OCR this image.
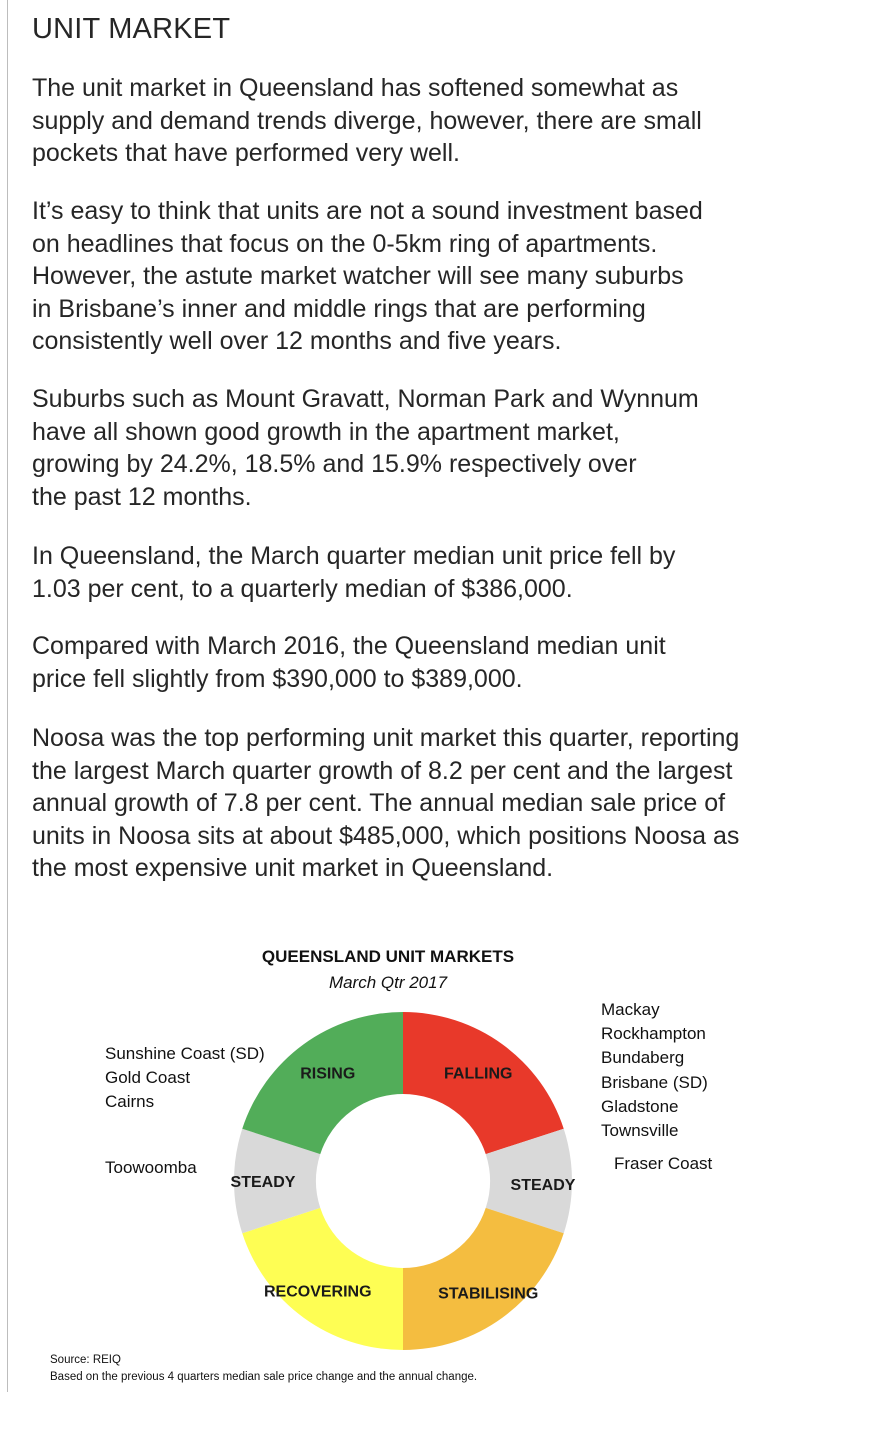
UNIT MARKET

The unit market in Queensland has softened somewhat as
supply and demand trends diverge, however, there are small
pockets that have performed very well.

It’s easy to think that units are not a sound investment based
on headlines that focus on the 0-5km ring of apartments.
However, the astute market watcher will see many suburbs
in Brisbane’s inner and middle rings that are performing
consistently well over 12 months and five years.

Suburbs such as Mount Gravatt, Norman Park and Wynnum
have all shown good growth in the apartment market,
growing by 24.2%, 18.5% and 15.9% respectively over
the past 12 months.

In Queensland, the March quarter median unit price fell by
1.03 per cent, to a quarterly median of $386,000.

Compared with March 2016, the Queensland median unit
price fell slightly from $390,000 to $389,000.

Noosa was the top performing unit market this quarter, reporting
the largest March quarter growth of 8.2 per cent and the largest
annual growth of 7.8 per cent. The annual median sale price of
units in Noosa sits at about $485,000, which positions Noosa as
the most expensive unit market in Queensland.

QUEENSLAND UNIT MARKETS
March Qtr 2017
FALLING
STEADY
STABILISING
RECOVERING
STEADY
RISING
Mackay
Rockhampton
Bundaberg
Brisbane (SD)
Gladstone
Townsville
Fraser Coast
Sunshine Coast (SD)
Gold Coast
Cairns
Toowoomba
Source: REIQ
Based on the previous 4 quarters median sale price change and the annual change.
